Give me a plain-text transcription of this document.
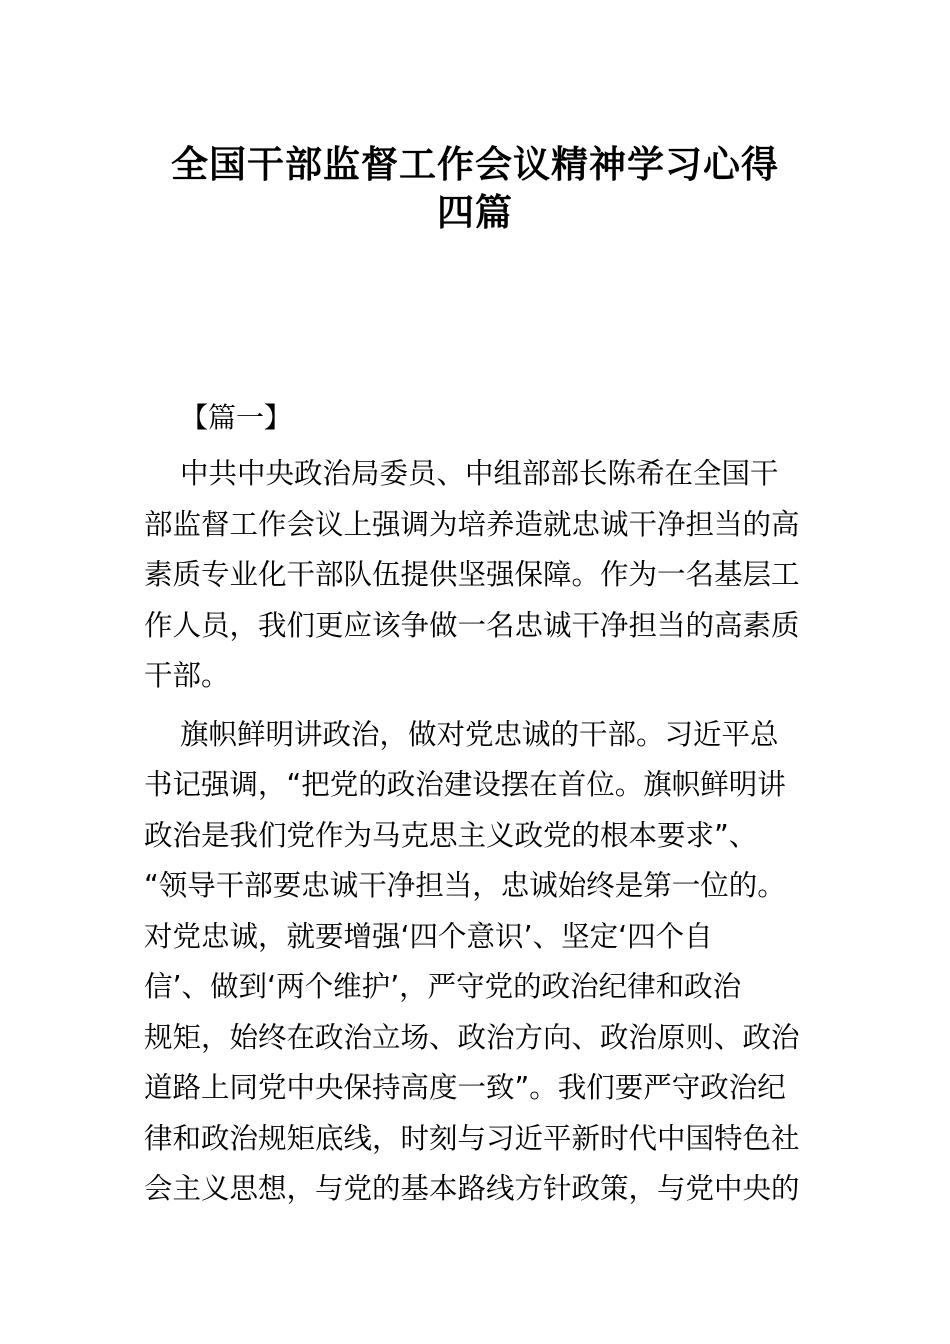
全国干部监督工作会议精神学习心得
四篇
【篇一】
中共中央政治局委员、中组部部长陈希在全国干
部监督工作会议上强调为培养造就忠诚干净担当的高
素质专业化干部队伍提供坚强保障。作为一名基层工
作人员，我们更应该争做一名忠诚干净担当的高素质
干部。
旗帜鲜明讲政治，做对党忠诚的干部。习近平总
书记强调，“把党的政治建设摆在首位。旗帜鲜明讲
政治是我们党作为马克思主义政党的根本要求”、
“领导干部要忠诚干净担当，忠诚始终是第一位的。
对党忠诚，就要增强‘四个意识’、坚定‘四个自
信’、做到‘两个维护’，严守党的政治纪律和政治
规矩，始终在政治立场、政治方向、政治原则、政治
道路上同党中央保持高度一致”。我们要严守政治纪
律和政治规矩底线，时刻与习近平新时代中国特色社
会主义思想，与党的基本路线方针政策，与党中央的
